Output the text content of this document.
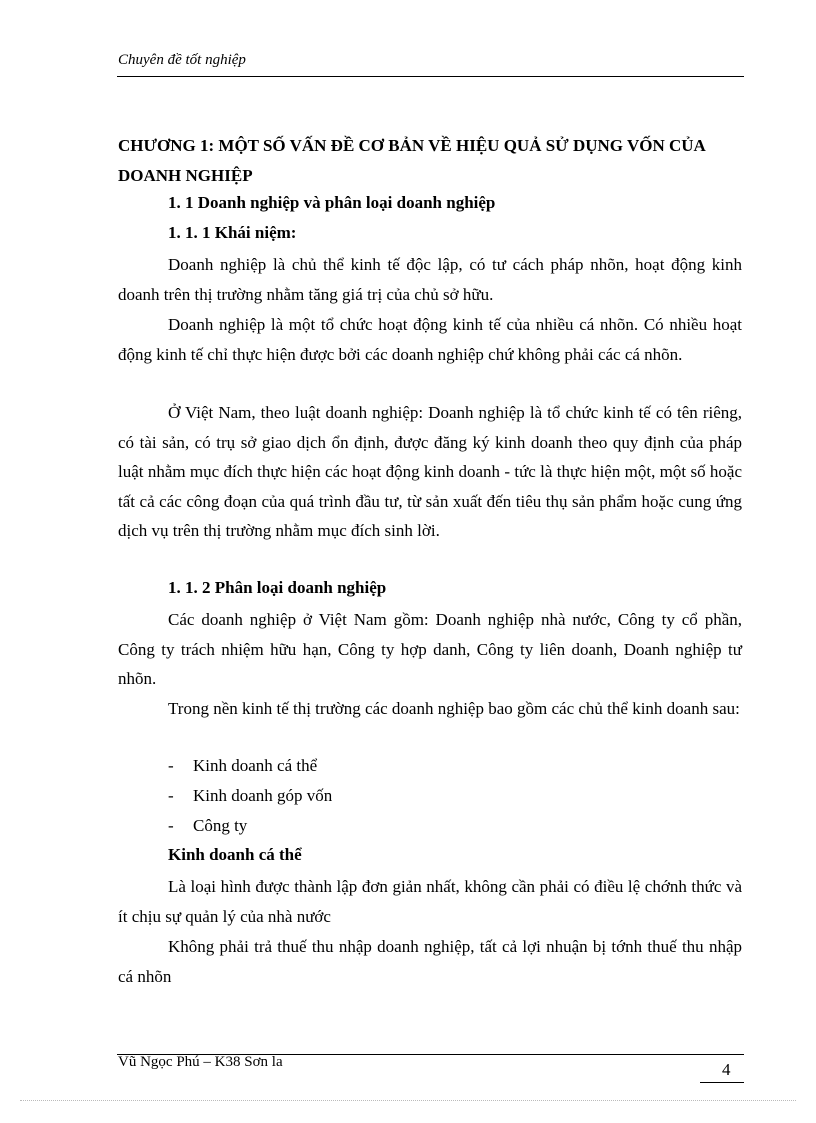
Chuyên đề tốt nghiệp
CHƯƠNG 1: MỘT SỐ VẤN ĐỀ CƠ BẢN VỀ HIỆU QUẢ SỬ DỤNG VỐN CỦA DOANH NGHIỆP
1. 1 Doanh nghiệp và phân loại doanh nghiệp
1. 1. 1 Khái niệm:
Doanh nghiệp là chủ thể kinh tế độc lập, có tư cách pháp nhõn, hoạt động kinh doanh trên thị trường nhằm tăng giá trị của chủ sở hữu.
Doanh nghiệp là một tổ chức hoạt động kinh tế của nhiều cá nhõn. Có nhiều hoạt động kinh tế chỉ thực hiện được bởi các doanh nghiệp chứ không phải các cá nhõn.
Ở Việt Nam, theo luật doanh nghiệp: Doanh nghiệp là tổ chức kinh tế có tên riêng, có tài sản, có trụ sở giao dịch ổn định, được đăng ký kinh doanh theo quy định của pháp luật nhằm mục đích thực hiện các hoạt động kinh doanh - tức là thực hiện một, một số hoặc tất cả các công đoạn của quá trình đầu tư, từ sản xuất đến tiêu thụ sản phẩm hoặc cung ứng dịch vụ trên thị trường nhằm mục đích sinh lời.
1. 1. 2 Phân loại doanh nghiệp
Các doanh nghiệp ở Việt Nam gồm: Doanh nghiệp nhà nước, Công ty cổ phần, Công ty trách nhiệm hữu hạn, Công ty hợp danh, Công ty liên doanh, Doanh nghiệp tư nhõn.
Trong nền kinh tế thị trường các doanh nghiệp bao gồm các chủ thể kinh doanh sau:
- Kinh doanh cá thể
- Kinh doanh góp vốn
- Công ty
Kinh doanh cá thể
Là loại hình được thành lập đơn giản nhất, không cần phải có điều lệ chớnh thức và ít chịu sự quản lý của nhà nước
Không phải trả thuế thu nhập doanh nghiệp, tất cả lợi nhuận bị tớnh thuế thu nhập cá nhõn
Vũ Ngọc Phú – K38 Sơn la	4
